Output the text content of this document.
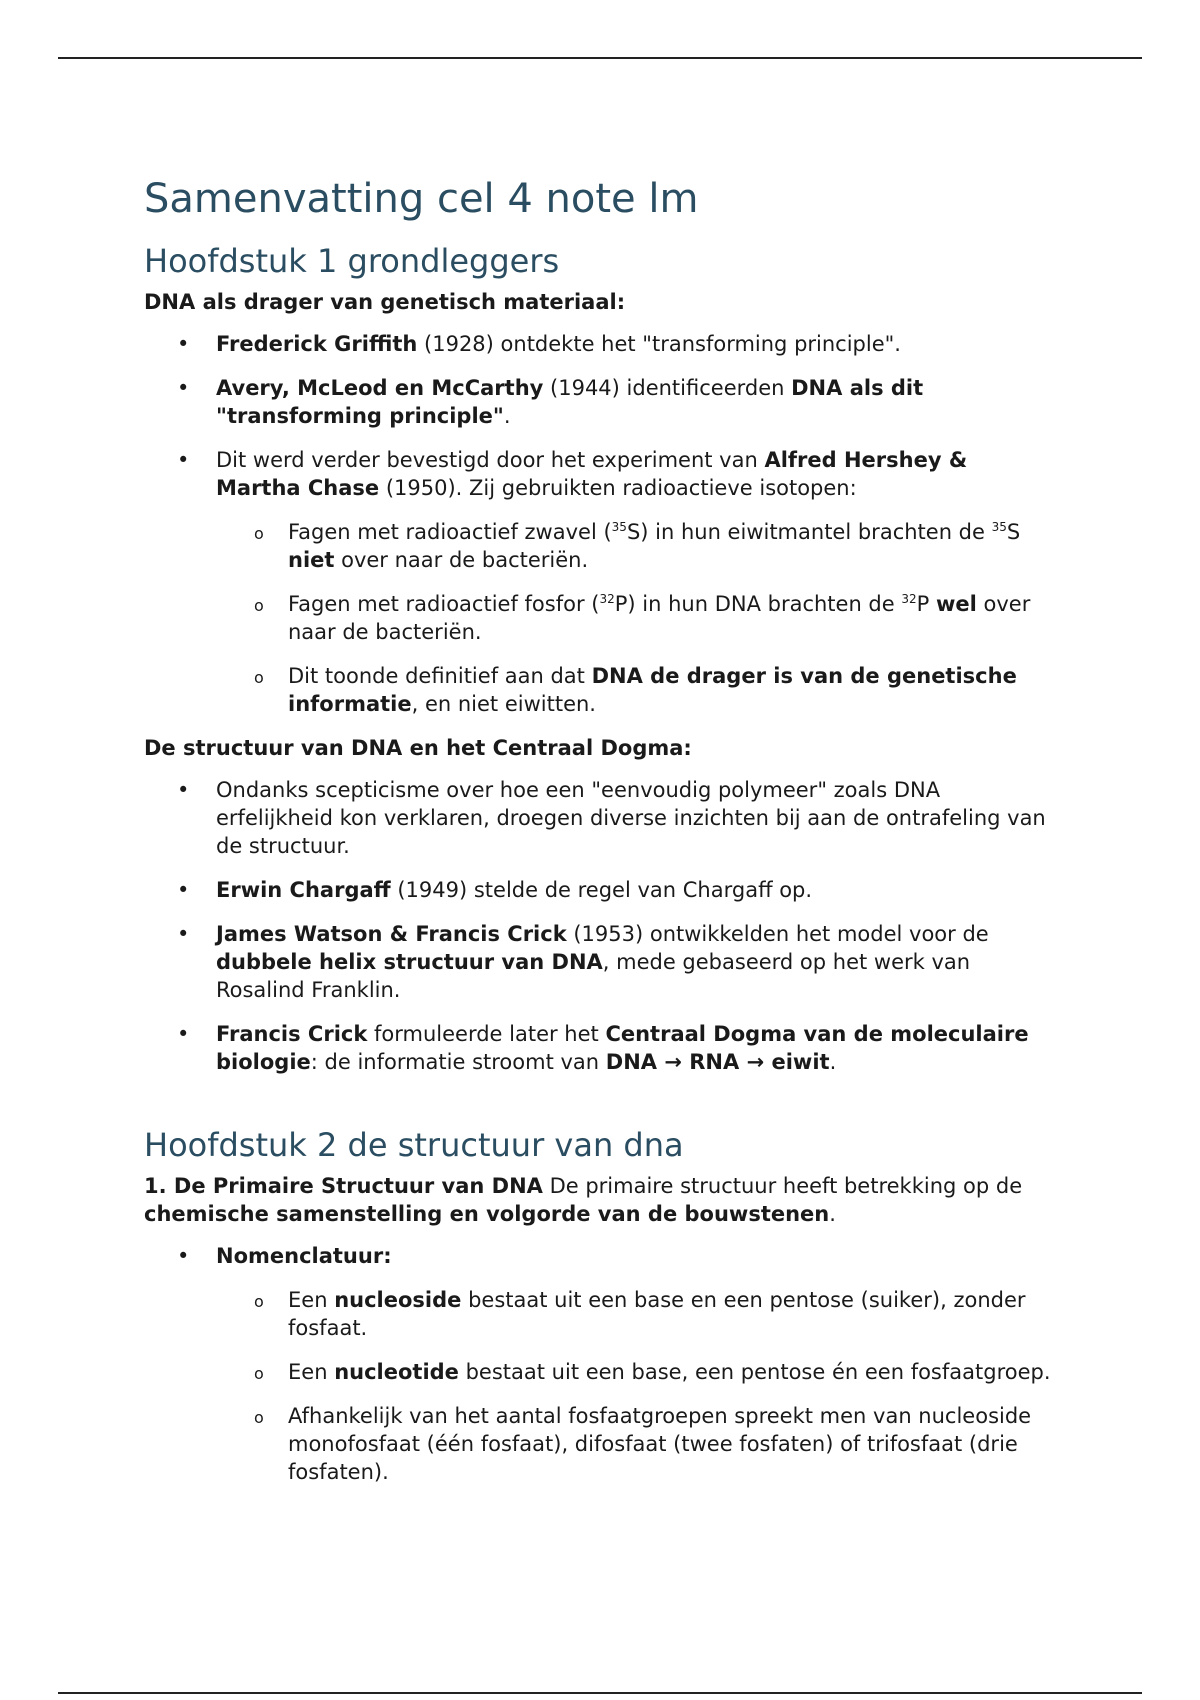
Samenvatting cel 4 note lm
Hoofdstuk 1 grondleggers

DNA als drager van genetisch materiaal:

• Frederick Griffith (1928) ontdekte het "transforming principle".
• Avery, McLeod en McCarthy (1944) identificeerden DNA als dit "transforming principle".
• Dit werd verder bevestigd door het experiment van Alfred Hershey & Martha Chase (1950). Zij gebruikten radioactieve isotopen:
o Fagen met radioactief zwavel ($^{35}$S) in hun eiwitmantel brachten de $^{35}$S niet over naar de bacteriën.
o Fagen met radioactief fosfor ($^{32}$P) in hun DNA brachten de $^{32}$P wel over naar de bacteriën.
o Dit toonde definitief aan dat DNA de drager is van de genetische informatie, en niet eiwitten.

De structuur van DNA en het Centraal Dogma:

• Ondanks scepticisme over hoe een "eenvoudig polymeer" zoals DNA erfelijkheid kon verklaren, droegen diverse inzichten bij aan de ontrafeling van de structuur.
• Erwin Chargaff (1949) stelde de regel van Chargaff op.
• James Watson & Francis Crick (1953) ontwikkelden het model voor de dubbele helix structuur van DNA, mede gebaseerd op het werk van Rosalind Franklin.
• Francis Crick formuleerde later het Centraal Dogma van de moleculaire biologie: de informatie stroomt van DNA → RNA → eiwit.
Hoofdstuk 2 de structuur van dna

1. De Primaire Structuur van DNA De primaire structuur heeft betrekking op de chemische samenstelling en volgorde van de bouwstenen.

• Nomenclatuur:
o Een nucleoside bestaat uit een base en een pentose (suiker), zonder fosfaat.
o Een nucleotide bestaat uit een base, een pentose én een fosfaatgroep.
o Afhankelijk van het aantal fosfaatgroepen spreekt men van nucleoside monofosfaat (één fosfaat), difosfaat (twee fosfaten) of trifosfaat (drie fosfaten).
